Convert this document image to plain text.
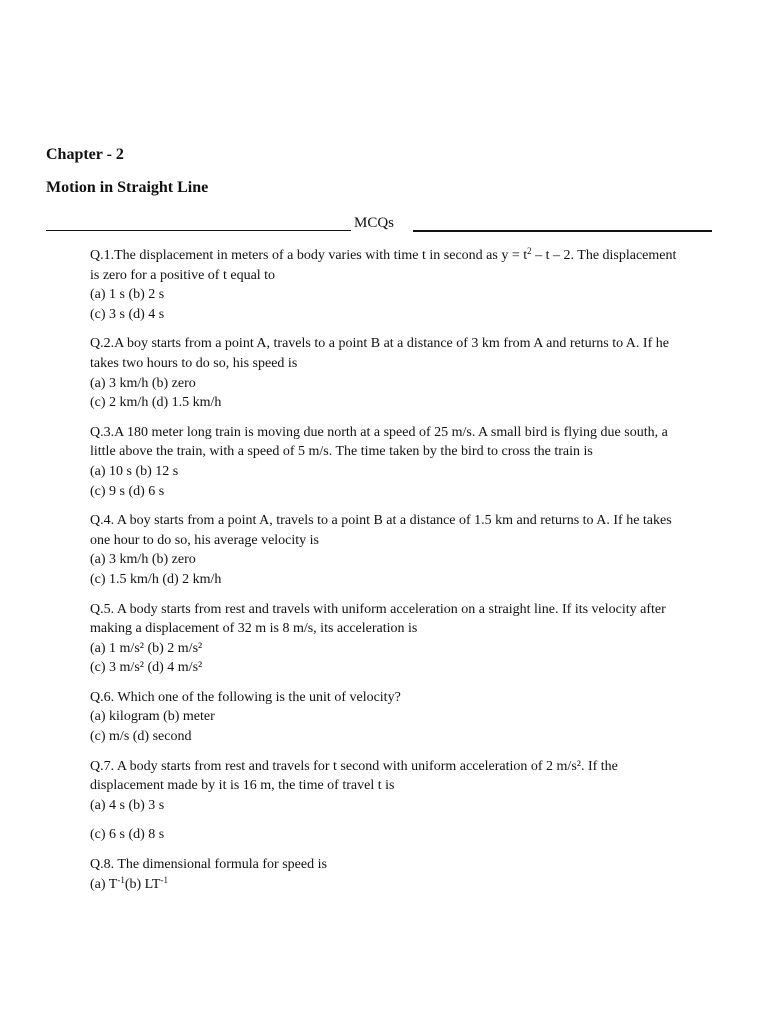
Chapter - 2
Motion in Straight Line
MCQs
Q.1.The displacement in meters of a body varies with time t in second as $y = t^2 - t - 2$. The displacement is zero for a positive of t equal to
(a) 1 s (b) 2 s
(c) 3 s (d) 4 s
Q.2.A boy starts from a point A, travels to a point B at a distance of 3 km from A and returns to A. If he takes two hours to do so, his speed is
(a) 3 km/h (b) zero
(c) 2 km/h (d) 1.5 km/h
Q.3.A 180 meter long train is moving due north at a speed of 25 m/s. A small bird is flying due south, a little above the train, with a speed of 5 m/s. The time taken by the bird to cross the train is
(a) 10 s (b) 12 s
(c) 9 s (d) 6 s
Q.4. A boy starts from a point A, travels to a point B at a distance of 1.5 km and returns to A. If he takes one hour to do so, his average velocity is
(a) 3 km/h (b) zero
(c) 1.5 km/h (d) 2 km/h
Q.5. A body starts from rest and travels with uniform acceleration on a straight line. If its velocity after making a displacement of 32 m is 8 m/s, its acceleration is
(a) 1 m/s² (b) 2 m/s²
(c) 3 m/s² (d) 4 m/s²
Q.6. Which one of the following is the unit of velocity?
(a) kilogram (b) meter
(c) m/s (d) second
Q.7. A body starts from rest and travels for t second with uniform acceleration of 2 m/s². If the displacement made by it is 16 m, the time of travel t is
(a) 4 s (b) 3 s
(c) 6 s (d) 8 s
Q.8. The dimensional formula for speed is
(a) $T^{-1}(b)$ $LT^{-1}$
